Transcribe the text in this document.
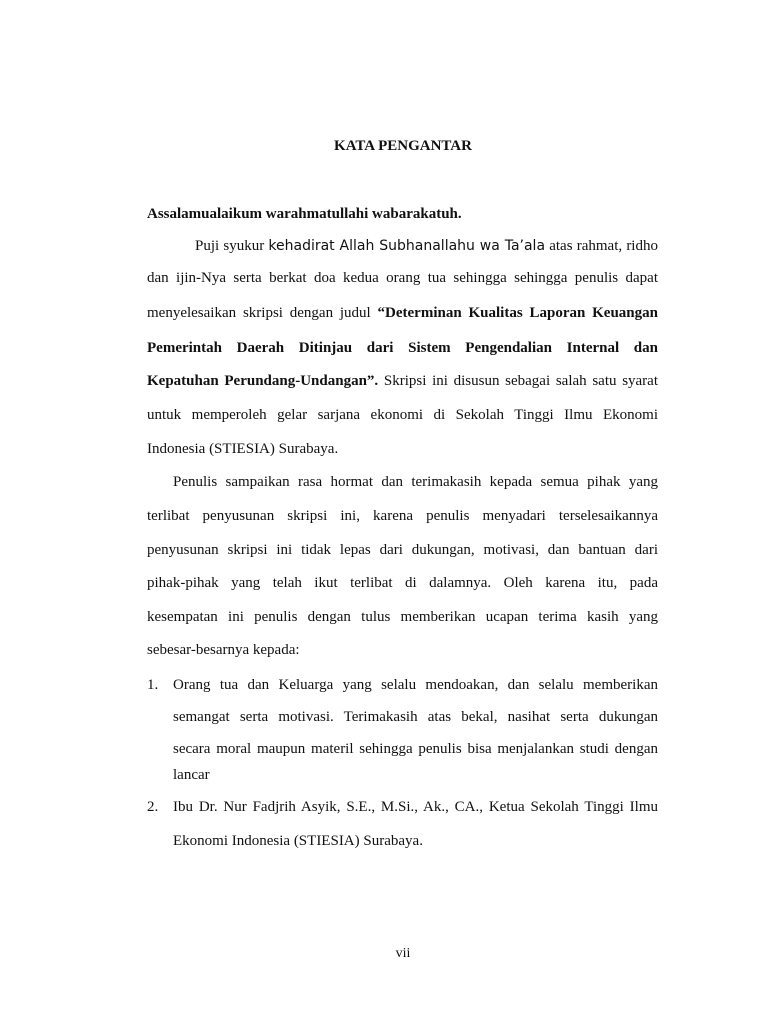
KATA PENGANTAR
Assalamualaikum warahmatullahi wabarakatuh.
Puji syukur kehadirat Allah Subhanallahu wa Ta’ala atas rahmat, ridho
dan ijin-Nya serta berkat doa kedua orang tua sehingga sehingga penulis dapat
menyelesaikan skripsi dengan judul “Determinan Kualitas Laporan Keuangan
Pemerintah Daerah Ditinjau dari Sistem Pengendalian Internal dan
Kepatuhan Perundang-Undangan”. Skripsi ini disusun sebagai salah satu syarat
untuk memperoleh gelar sarjana ekonomi di Sekolah Tinggi Ilmu Ekonomi
Indonesia (STIESIA) Surabaya.
Penulis sampaikan rasa hormat dan terimakasih kepada semua pihak yang
terlibat penyusunan skripsi ini, karena penulis menyadari terselesaikannya
penyusunan skripsi ini tidak lepas dari dukungan, motivasi, dan bantuan dari
pihak-pihak yang telah ikut terlibat di dalamnya. Oleh karena itu, pada
kesempatan ini penulis dengan tulus memberikan ucapan terima kasih yang
sebesar-besarnya kepada:
1. Orang tua dan Keluarga yang selalu mendoakan, dan selalu memberikan
semangat serta motivasi. Terimakasih atas bekal, nasihat serta dukungan
secara moral maupun materil sehingga penulis bisa menjalankan studi dengan
lancar
2. Ibu Dr. Nur Fadjrih Asyik, S.E., M.Si., Ak., CA., Ketua Sekolah Tinggi Ilmu
Ekonomi Indonesia (STIESIA) Surabaya.
vii
